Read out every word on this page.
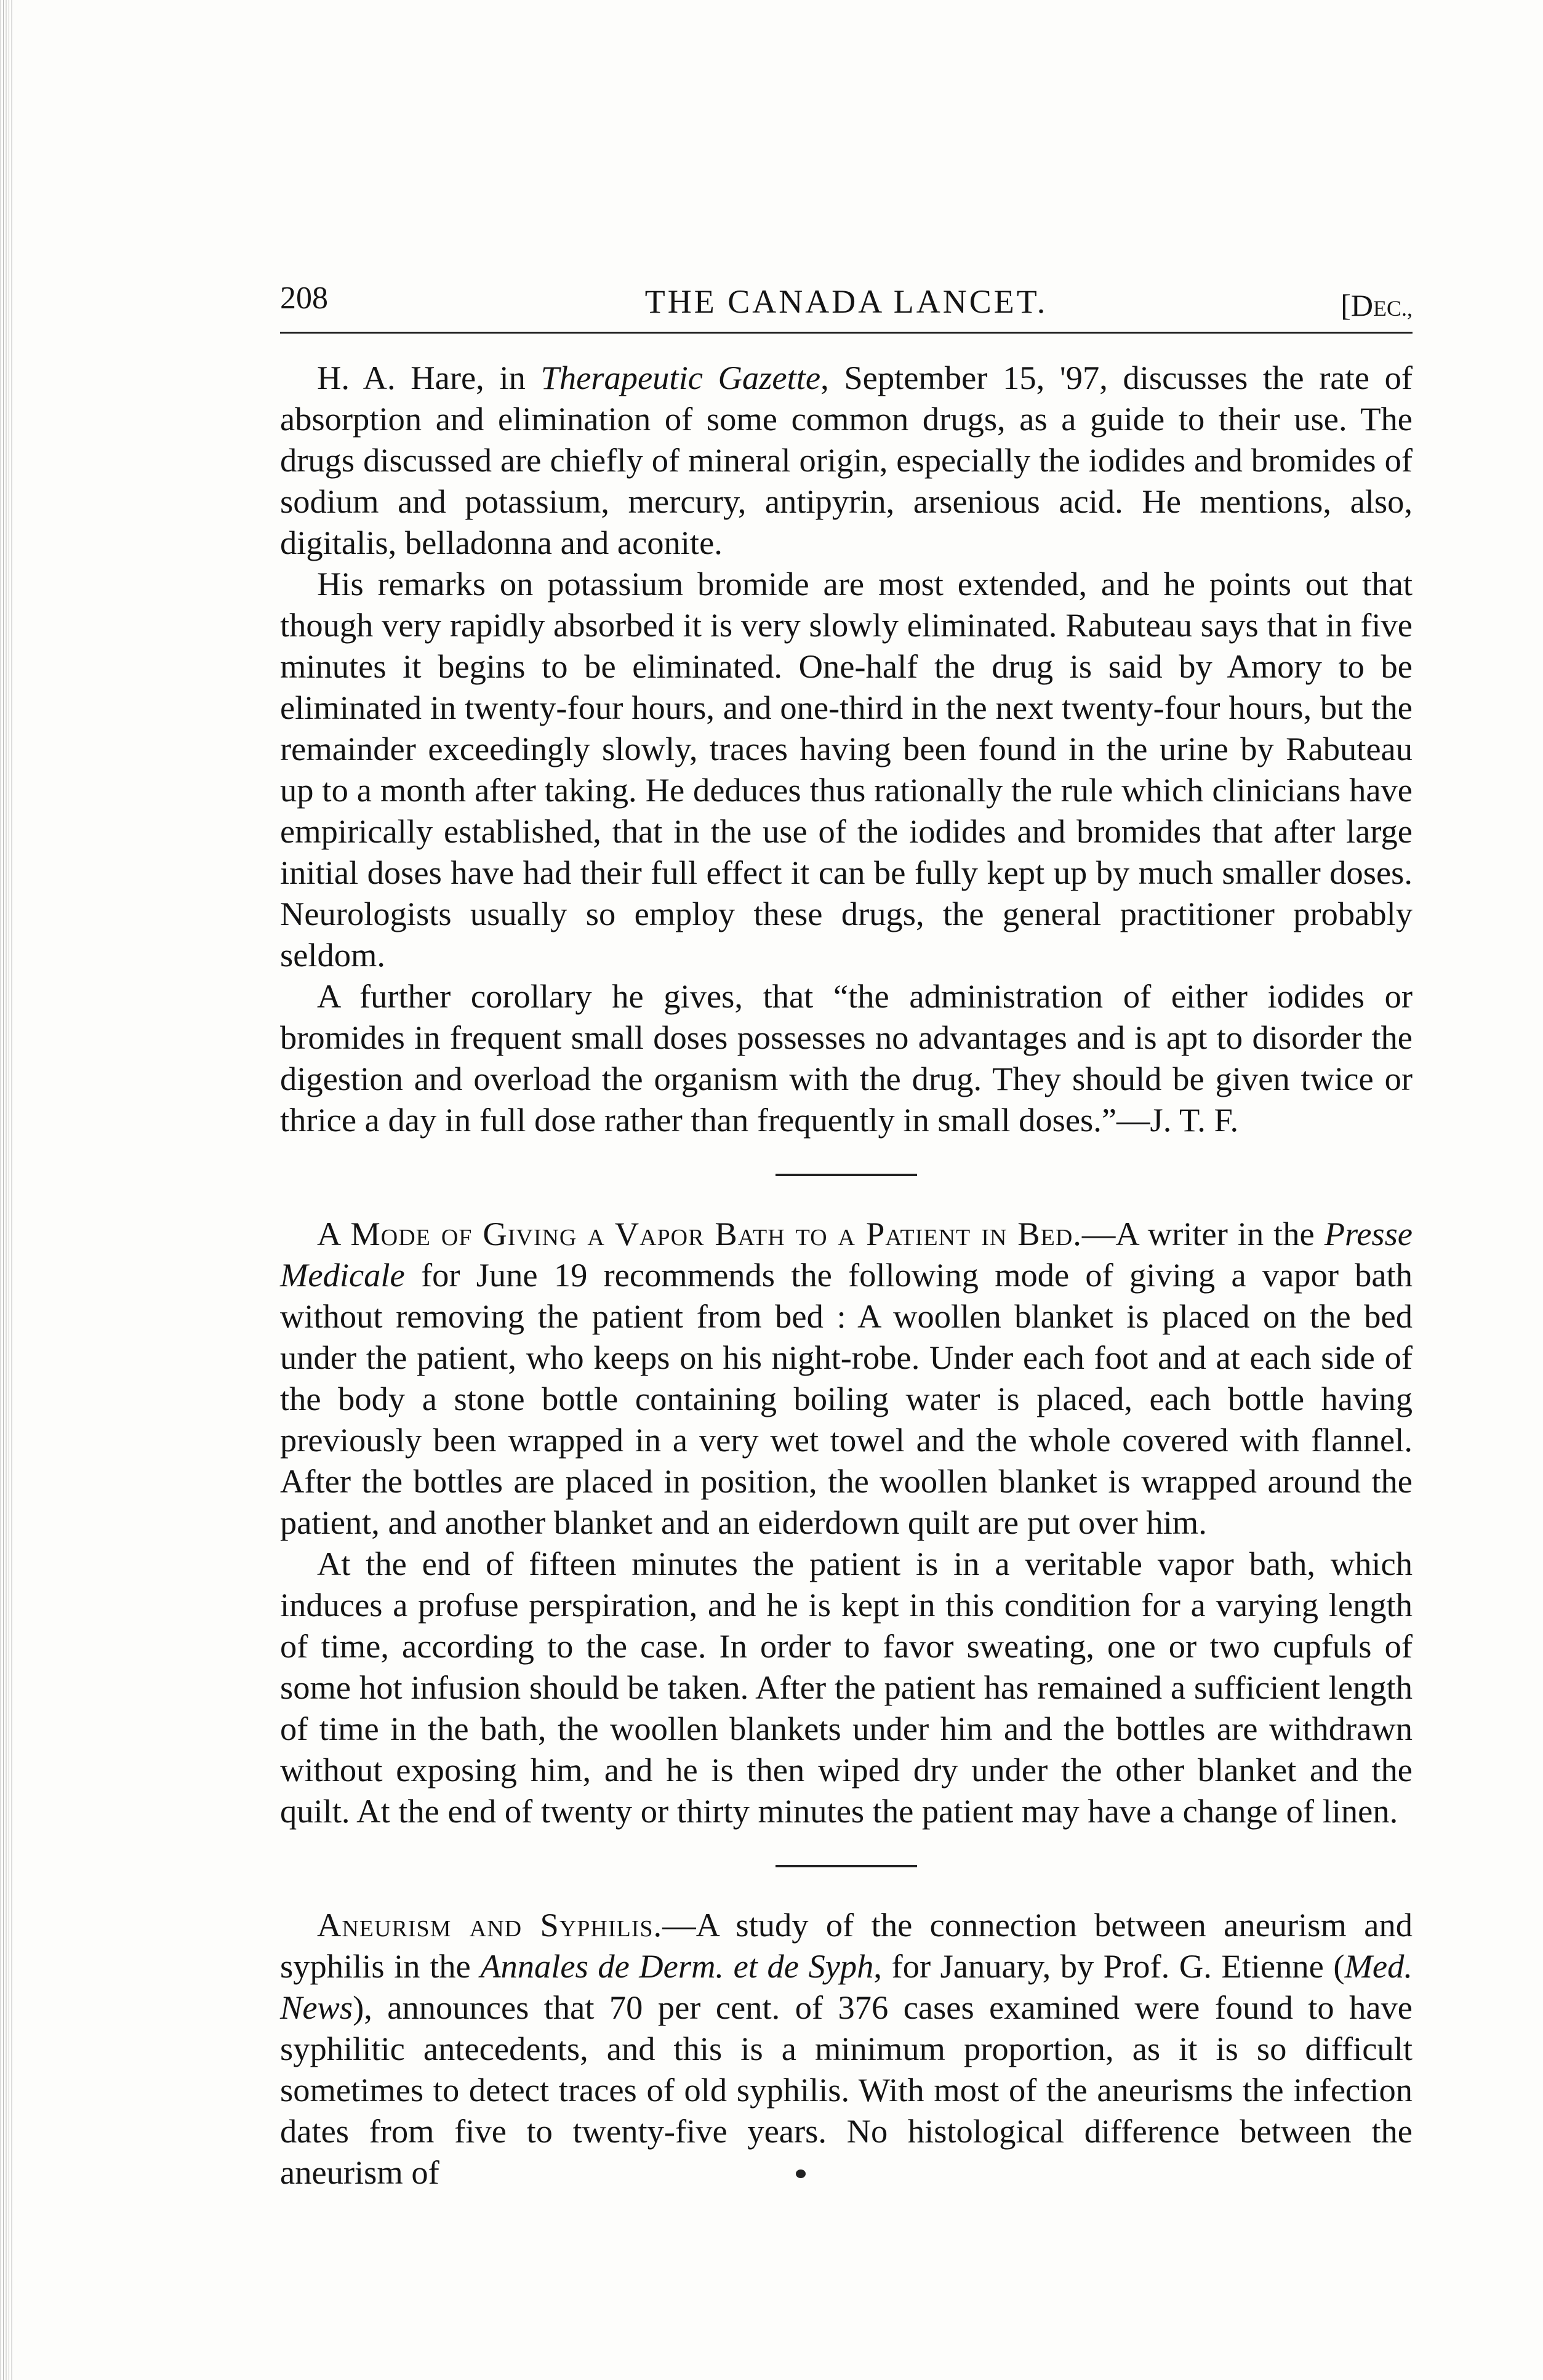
208	THE CANADA LANCET.	[DEC.,

H. A. Hare, in Therapeutic Gazette, September 15, '97, discusses the rate of absorption and elimination of some common drugs, as a guide to their use. The drugs discussed are chiefly of mineral origin, especially the iodides and bromides of sodium and potassium, mercury, antipyrin, arsenious acid. He mentions, also, digitalis, belladonna and aconite.

His remarks on potassium bromide are most extended, and he points out that though very rapidly absorbed it is very slowly eliminated. Rabuteau says that in five minutes it begins to be eliminated. One-half the drug is said by Amory to be eliminated in twenty-four hours, and one-third in the next twenty-four hours, but the remainder exceedingly slowly, traces having been found in the urine by Rabuteau up to a month after taking. He deduces thus rationally the rule which clinicians have empirically established, that in the use of the iodides and bromides that after large initial doses have had their full effect it can be fully kept up by much smaller doses. Neurologists usually so employ these drugs, the general practitioner probably seldom.

A further corollary he gives, that “the administration of either iodides or bromides in frequent small doses possesses no advantages and is apt to disorder the digestion and overload the organism with the drug. They should be given twice or thrice a day in full dose rather than frequently in small doses.”—J. T. F.

A Mode of Giving a Vapor Bath to a Patient in Bed.—A writer in the Presse Medicale for June 19 recommends the following mode of giving a vapor bath without removing the patient from bed : A woollen blanket is placed on the bed under the patient, who keeps on his night-robe. Under each foot and at each side of the body a stone bottle containing boiling water is placed, each bottle having previously been wrapped in a very wet towel and the whole covered with flannel. After the bottles are placed in position, the woollen blanket is wrapped around the patient, and another blanket and an eiderdown quilt are put over him.

At the end of fifteen minutes the patient is in a veritable vapor bath, which induces a profuse perspiration, and he is kept in this condition for a varying length of time, according to the case. In order to favor sweating, one or two cupfuls of some hot infusion should be taken. After the patient has remained a sufficient length of time in the bath, the woollen blankets under him and the bottles are withdrawn without exposing him, and he is then wiped dry under the other blanket and the quilt. At the end of twenty or thirty minutes the patient may have a change of linen.

Aneurism and Syphilis.—A study of the connection between aneurism and syphilis in the Annales de Derm. et de Syph, for January, by Prof. G. Etienne (Med. News), announces that 70 per cent. of 376 cases examined were found to have syphilitic antecedents, and this is a minimum proportion, as it is so difficult sometimes to detect traces of old syphilis. With most of the aneurisms the infection dates from five to twenty-five years. No histological difference between the aneurism of
